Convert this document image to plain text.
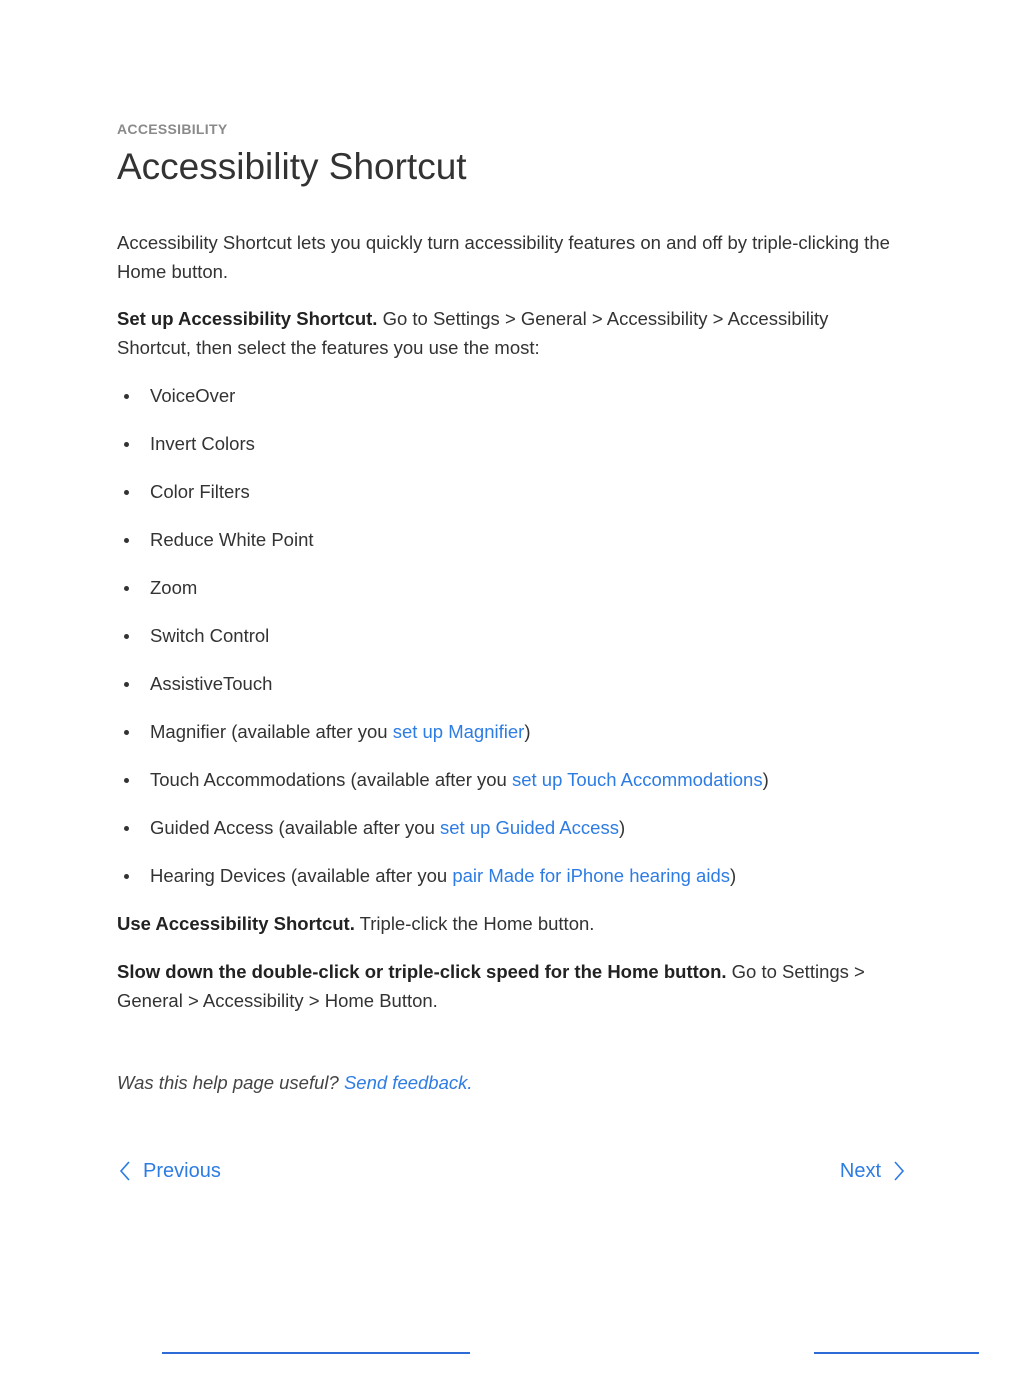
ACCESSIBILITY
Accessibility Shortcut

Accessibility Shortcut lets you quickly turn accessibility features on and off by triple-clicking the Home button.

Set up Accessibility Shortcut. Go to Settings > General > Accessibility > Accessibility Shortcut, then select the features you use the most:

VoiceOver
Invert Colors
Color Filters
Reduce White Point
Zoom
Switch Control
AssistiveTouch
Magnifier (available after you set up Magnifier)
Touch Accommodations (available after you set up Touch Accommodations)
Guided Access (available after you set up Guided Access)
Hearing Devices (available after you pair Made for iPhone hearing aids)

Use Accessibility Shortcut. Triple-click the Home button.

Slow down the double-click or triple-click speed for the Home button. Go to Settings > General > Accessibility > Home Button.

Was this help page useful? Send feedback.
Previous	Next
